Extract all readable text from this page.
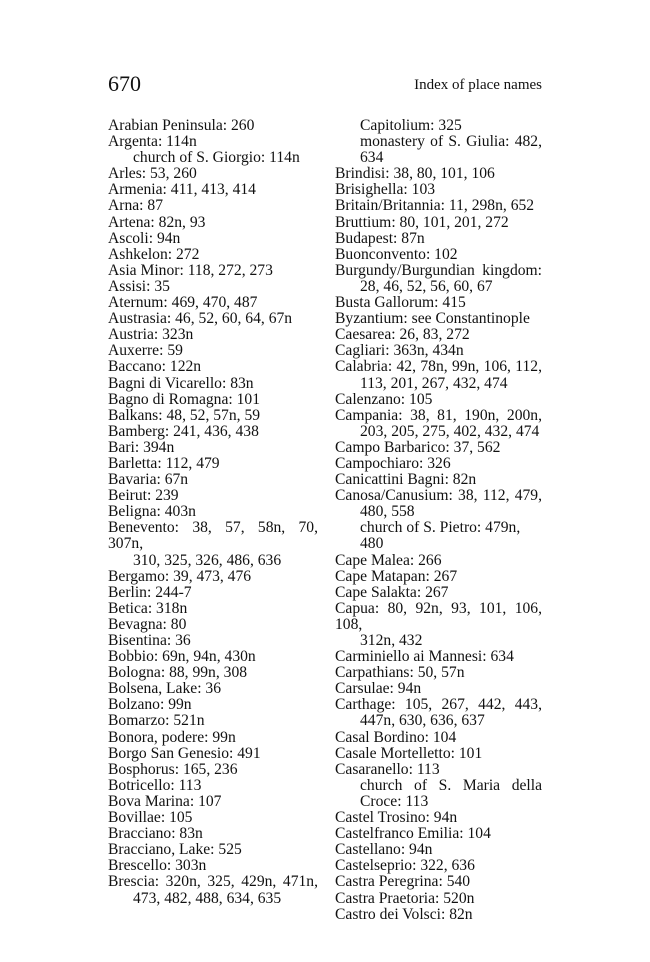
670	Index of place names
Arabian Peninsula: 260
Argenta: 114n
church of S. Giorgio: 114n
Arles: 53, 260
Armenia: 411, 413, 414
Arna: 87
Artena: 82n, 93
Ascoli: 94n
Ashkelon: 272
Asia Minor: 118, 272, 273
Assisi: 35
Aternum: 469, 470, 487
Austrasia: 46, 52, 60, 64, 67n
Austria: 323n
Auxerre: 59
Baccano: 122n
Bagni di Vicarello: 83n
Bagno di Romagna: 101
Balkans: 48, 52, 57n, 59
Bamberg: 241, 436, 438
Bari: 394n
Barletta: 112, 479
Bavaria: 67n
Beirut: 239
Beligna: 403n
Benevento: 38, 57, 58n, 70, 307n,
310, 325, 326, 486, 636
Bergamo: 39, 473, 476
Berlin: 244-7
Betica: 318n
Bevagna: 80
Bisentina: 36
Bobbio: 69n, 94n, 430n
Bologna: 88, 99n, 308
Bolsena, Lake: 36
Bolzano: 99n
Bomarzo: 521n
Bonora, podere: 99n
Borgo San Genesio: 491
Bosphorus: 165, 236
Botricello: 113
Bova Marina: 107
Bovillae: 105
Bracciano: 83n
Bracciano, Lake: 525
Brescello: 303n
Brescia: 320n, 325, 429n, 471n,
473, 482, 488, 634, 635
Capitolium: 325
monastery of S. Giulia: 482,
634
Brindisi: 38, 80, 101, 106
Brisighella: 103
Britain/Britannia: 11, 298n, 652
Bruttium: 80, 101, 201, 272
Budapest: 87n
Buonconvento: 102
Burgundy/Burgundian kingdom:
28, 46, 52, 56, 60, 67
Busta Gallorum: 415
Byzantium: see Constantinople
Caesarea: 26, 83, 272
Cagliari: 363n, 434n
Calabria: 42, 78n, 99n, 106, 112,
113, 201, 267, 432, 474
Calenzano: 105
Campania: 38, 81, 190n, 200n,
203, 205, 275, 402, 432, 474
Campo Barbarico: 37, 562
Campochiaro: 326
Canicattini Bagni: 82n
Canosa/Canusium: 38, 112, 479,
480, 558
church of S. Pietro: 479n, 480
Cape Malea: 266
Cape Matapan: 267
Cape Salakta: 267
Capua: 80, 92n, 93, 101, 106, 108,
312n, 432
Carminiello ai Mannesi: 634
Carpathians: 50, 57n
Carsulae: 94n
Carthage: 105, 267, 442, 443,
447n, 630, 636, 637
Casal Bordino: 104
Casale Mortelletto: 101
Casaranello: 113
church of S. Maria della
Croce: 113
Castel Trosino: 94n
Castelfranco Emilia: 104
Castellano: 94n
Castelseprio: 322, 636
Castra Peregrina: 540
Castra Praetoria: 520n
Castro dei Volsci: 82n
